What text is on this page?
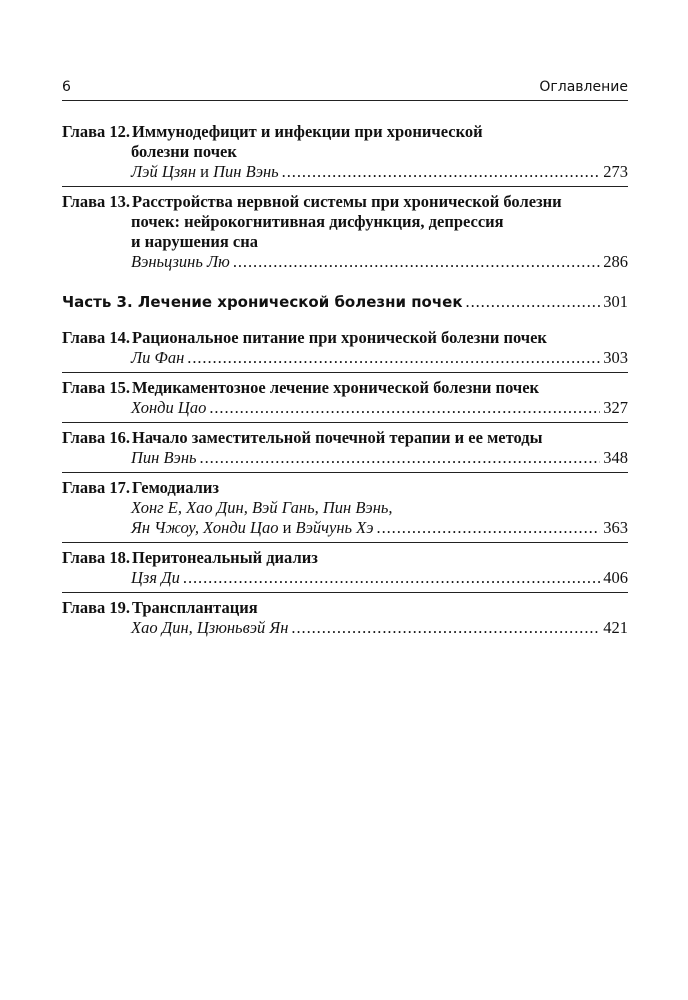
6	Оглавление
Глава 12. Иммунодефицит и инфекции при хронической
болезни почек
Лэй Цзян и Пин Вэнь . . .	273
Глава 13. Расстройства нервной системы при хронической болезни
почек: нейрокогнитивная дисфункция, депрессия
и нарушения сна
Вэньцзинь Лю . . .	286
Часть 3. Лечение хронической болезни почек . . .	301
Глава 14. Рациональное питание при хронической болезни почек
Ли Фан . . .	303
Глава 15. Медикаментозное лечение хронической болезни почек
Хонди Цао . . .	327
Глава 16. Начало заместительной почечной терапии и ее методы
Пин Вэнь . . .	348
Глава 17. Гемодиализ
Хонг Е, Хао Дин, Вэй Гань, Пин Вэнь,
Ян Чжоу, Хонди Цао и Вэйчунь Хэ . . .	363
Глава 18. Перитонеальный диализ
Цзя Ди . . .	406
Глава 19. Трансплантация
Хао Дин, Цзюньвэй Ян . . .	421
